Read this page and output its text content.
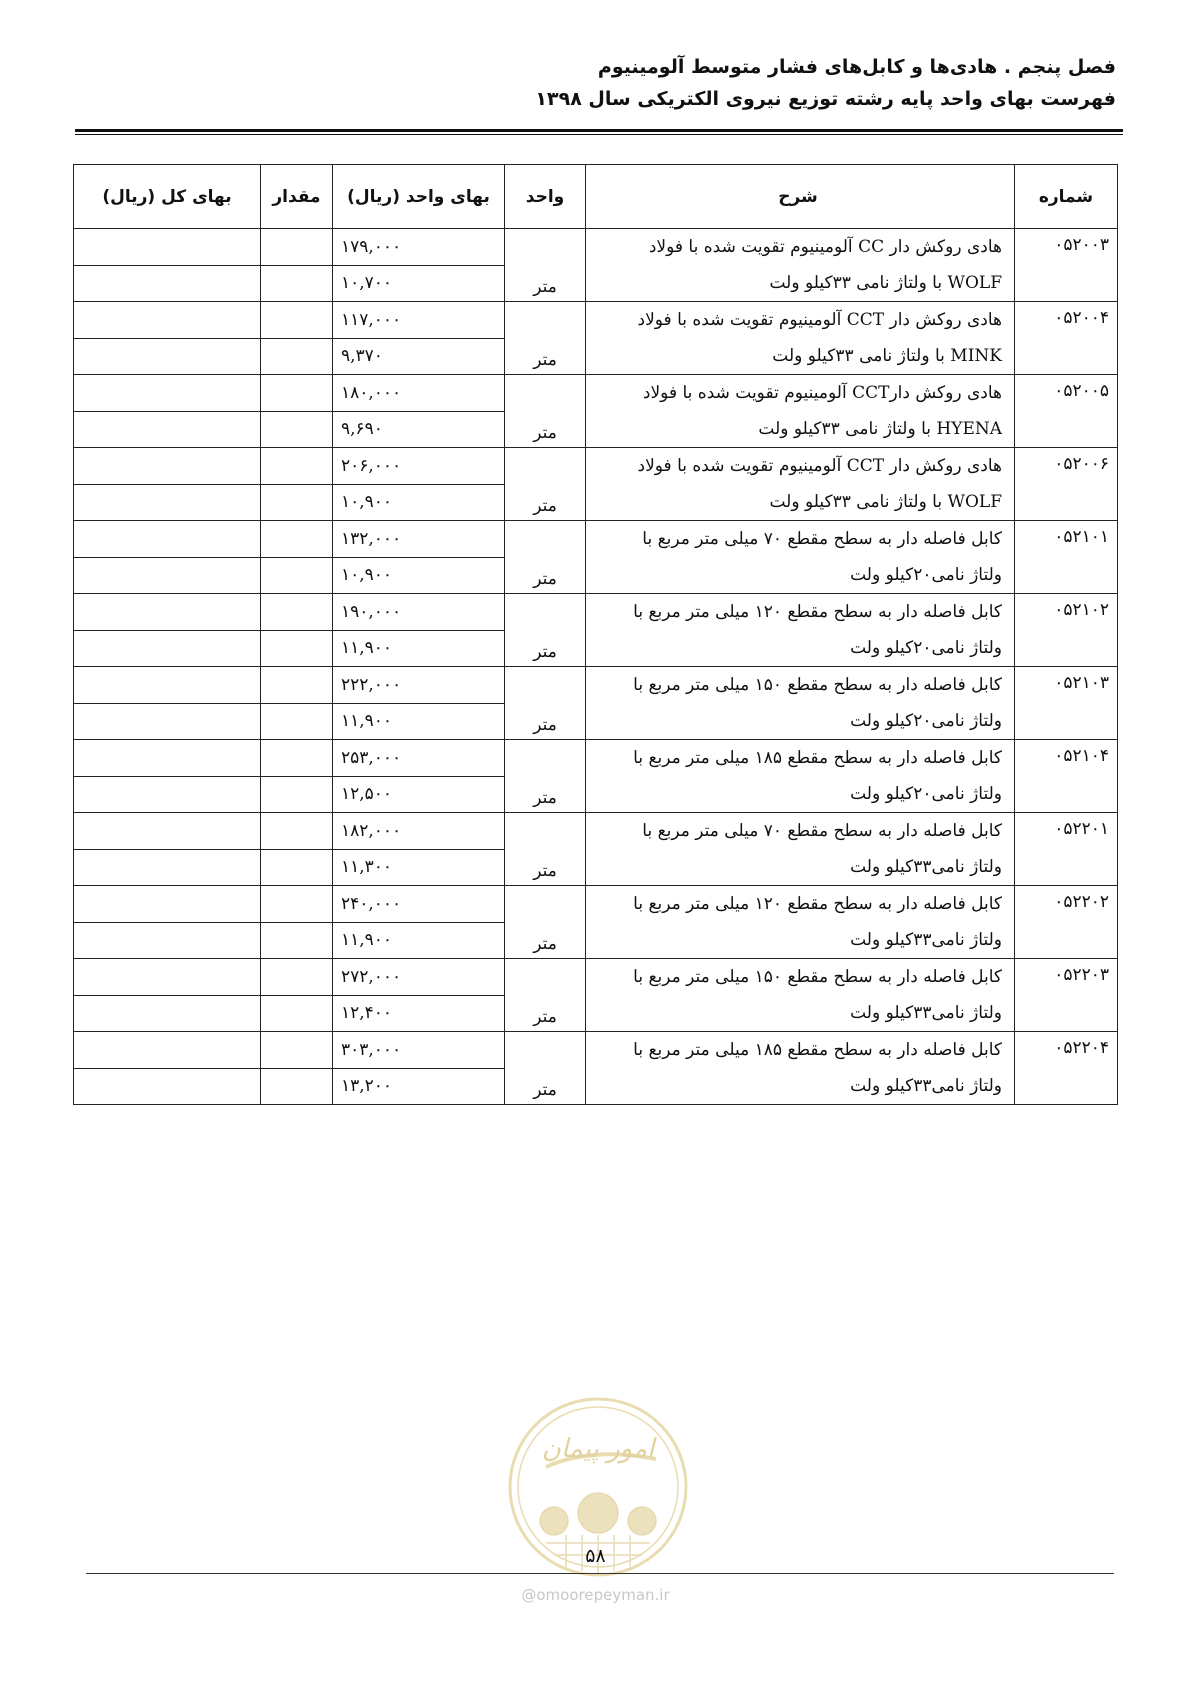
فصل پنجم . هادی‌ها و کابل‌های فشار متوسط آلومینیوم
فهرست بهای واحد پایه رشته توزیع نیروی الکتریکی سال ۱۳۹۸
شماره	شرح	واحد	بهای واحد (ریال)	مقدار	بهای کل (ریال)
۰۵۲۰۰۳	هادی روکش دار CC آلومینیوم تقویت شده با فولاد
WOLF با ولتاژ نامی ۳۳کیلو ولت	متر	۱۷۹,۰۰۰		
			۱۰,۷۰۰		
۰۵۲۰۰۴	هادی روکش دار CCT آلومینیوم تقویت شده با فولاد
MINK با ولتاژ نامی ۳۳کیلو ولت	متر	۱۱۷,۰۰۰		
			۹,۳۷۰		
۰۵۲۰۰۵	هادی روکش دارCCT آلومینیوم تقویت شده با فولاد
HYENA با ولتاژ نامی ۳۳کیلو ولت	متر	۱۸۰,۰۰۰		
			۹,۶۹۰		
۰۵۲۰۰۶	هادی روکش دار CCT آلومینیوم تقویت شده با فولاد
WOLF با ولتاژ نامی ۳۳کیلو ولت	متر	۲۰۶,۰۰۰		
			۱۰,۹۰۰		
۰۵۲۱۰۱	کابل فاصله دار به سطح مقطع ۷۰ میلی متر مربع با
ولتاژ نامی۲۰کیلو ولت	متر	۱۳۲,۰۰۰		
			۱۰,۹۰۰		
۰۵۲۱۰۲	کابل فاصله دار به سطح مقطع ۱۲۰ میلی متر مربع با
ولتاژ نامی۲۰کیلو ولت	متر	۱۹۰,۰۰۰		
			۱۱,۹۰۰		
۰۵۲۱۰۳	کابل فاصله دار به سطح مقطع ۱۵۰ میلی متر مربع با
ولتاژ نامی۲۰کیلو ولت	متر	۲۲۲,۰۰۰		
			۱۱,۹۰۰		
۰۵۲۱۰۴	کابل فاصله دار به سطح مقطع ۱۸۵ میلی متر مربع با
ولتاژ نامی۲۰کیلو ولت	متر	۲۵۳,۰۰۰		
			۱۲,۵۰۰		
۰۵۲۲۰۱	کابل فاصله دار به سطح مقطع ۷۰ میلی متر مربع با
ولتاژ نامی۳۳کیلو ولت	متر	۱۸۲,۰۰۰		
			۱۱,۳۰۰		
۰۵۲۲۰۲	کابل فاصله دار به سطح مقطع ۱۲۰ میلی متر مربع با
ولتاژ نامی۳۳کیلو ولت	متر	۲۴۰,۰۰۰		
			۱۱,۹۰۰		
۰۵۲۲۰۳	کابل فاصله دار به سطح مقطع ۱۵۰ میلی متر مربع با
ولتاژ نامی۳۳کیلو ولت	متر	۲۷۲,۰۰۰		
			۱۲,۴۰۰		
۰۵۲۲۰۴	کابل فاصله دار به سطح مقطع ۱۸۵ میلی متر مربع با
ولتاژ نامی۳۳کیلو ولت	متر	۳۰۳,۰۰۰		
			۱۳,۲۰۰		
امور پیمان
۵۸
@omoorepeyman.ir
